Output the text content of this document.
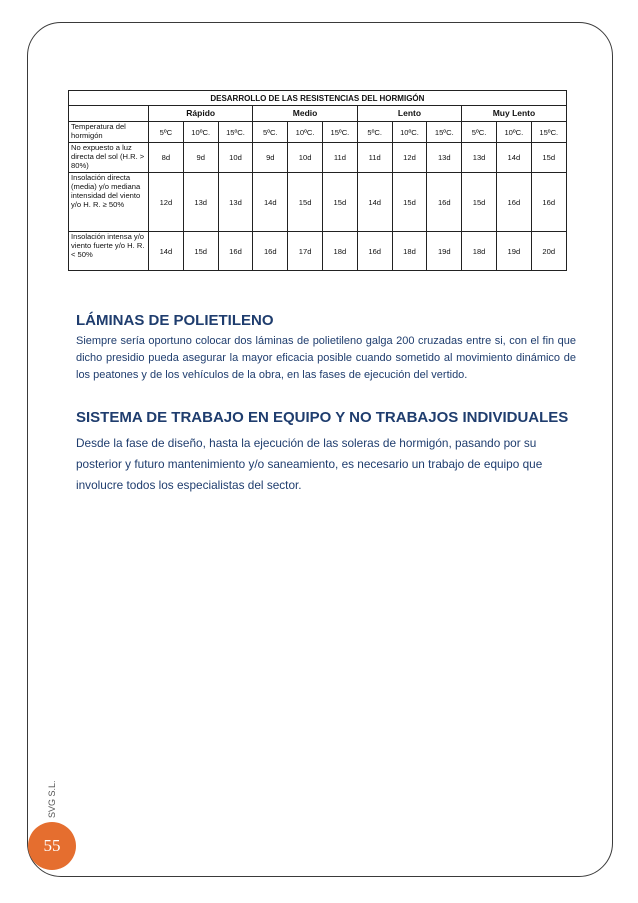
DESARROLLO DE LAS RESISTENCIAS DEL HORMIGÓN												
	Rápido			Medio			Lento			Muy Lento		
Temperatura del hormigón	5ºC	10ºC.	15ºC.	5ºC.	10ºC.	15ºC.	5ºC.	10ºC.	15ºC.	5ºC.	10ºC.	15ºC.
No expuesto a luz directa del sol (H.R. > 80%)	8d	9d	10d	9d	10d	11d	11d	12d	13d	13d	14d	15d
Insolación directa (media) y/o mediana intensidad del viento y/o H. R. ≥ 50%	12d	13d	13d	14d	15d	15d	14d	15d	16d	15d	16d	16d
Insolación intensa y/o viento fuerte y/o H. R. < 50%	14d	15d	16d	16d	17d	18d	16d	18d	19d	18d	19d	20d
LÁMINAS DE POLIETILENO

Siempre sería oportuno colocar dos láminas de polietileno galga 200 cruzadas entre si, con el fin que dicho presidio pueda asegurar la mayor eficacia posible cuando sometido al movimiento dinámico de los peatones y de los vehículos de la obra, en las fases de ejecución del vertido.

SISTEMA DE TRABAJO EN EQUIPO Y NO TRABAJOS INDIVIDUALES

Desde la fase de diseño, hasta la ejecución de las soleras de hormigón, pasando por su posterior y futuro mantenimiento y/o saneamiento, es necesario un trabajo de equipo que involucre todos los especialistas del sector.

SVG S.L.
55
